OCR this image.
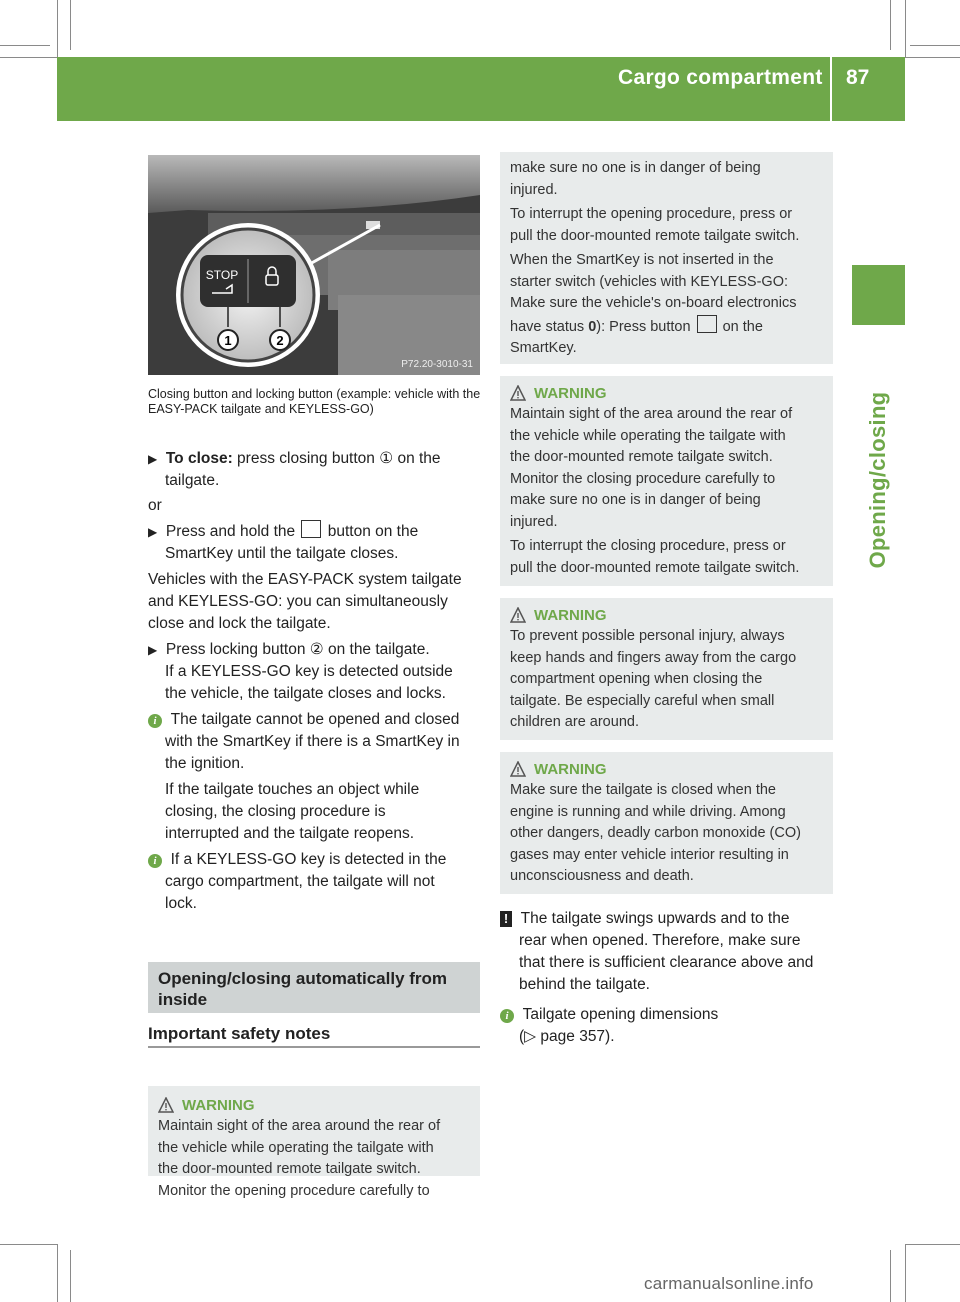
Cargo compartment 87
Opening/closing
STOP
1	2
P72.20-3010-31
Closing button and locking button (example: vehicle with the EASY-PACK tailgate and KEYLESS-GO)

▶ To close: press closing button ① on the

tailgate.

or

▶ Press and hold the  button on the

SmartKey until the tailgate closes.

Vehicles with the EASY-PACK system tailgate

and KEYLESS-GO: you can simultaneously

close and lock the tailgate.

▶ Press locking button ② on the tailgate.

If a KEYLESS-GO key is detected outside

the vehicle, the tailgate closes and locks.

i The tailgate cannot be opened and closed

with the SmartKey if there is a SmartKey in

the ignition.

If the tailgate touches an object while

closing, the closing procedure is

interrupted and the tailgate reopens.

i If a KEYLESS-GO key is detected in the

cargo compartment, the tailgate will not

lock.

Opening/closing automatically from inside
Important safety notes
WARNING

Maintain sight of the area around the rear of

the vehicle while operating the tailgate with

the door-mounted remote tailgate switch.

Monitor the opening procedure carefully to

make sure no one is in danger of being

injured.

To interrupt the opening procedure, press or

pull the door-mounted remote tailgate switch.

When the SmartKey is not inserted in the

starter switch (vehicles with KEYLESS-GO:

Make sure the vehicle's on-board electronics

have status 0): Press button  on the

SmartKey.

WARNING

Maintain sight of the area around the rear of

the vehicle while operating the tailgate with

the door-mounted remote tailgate switch.

Monitor the closing procedure carefully to

make sure no one is in danger of being

injured.

To interrupt the closing procedure, press or

pull the door-mounted remote tailgate switch.

WARNING

To prevent possible personal injury, always

keep hands and fingers away from the cargo

compartment opening when closing the

tailgate. Be especially careful when small

children are around.

WARNING

Make sure the tailgate is closed when the

engine is running and while driving. Among

other dangers, deadly carbon monoxide (CO)

gases may enter vehicle interior resulting in

unconsciousness and death.

! The tailgate swings upwards and to the

rear when opened. Therefore, make sure

that there is sufficient clearance above and

behind the tailgate.

i Tailgate opening dimensions

(▷ page 357).

carmanualsonline.info
